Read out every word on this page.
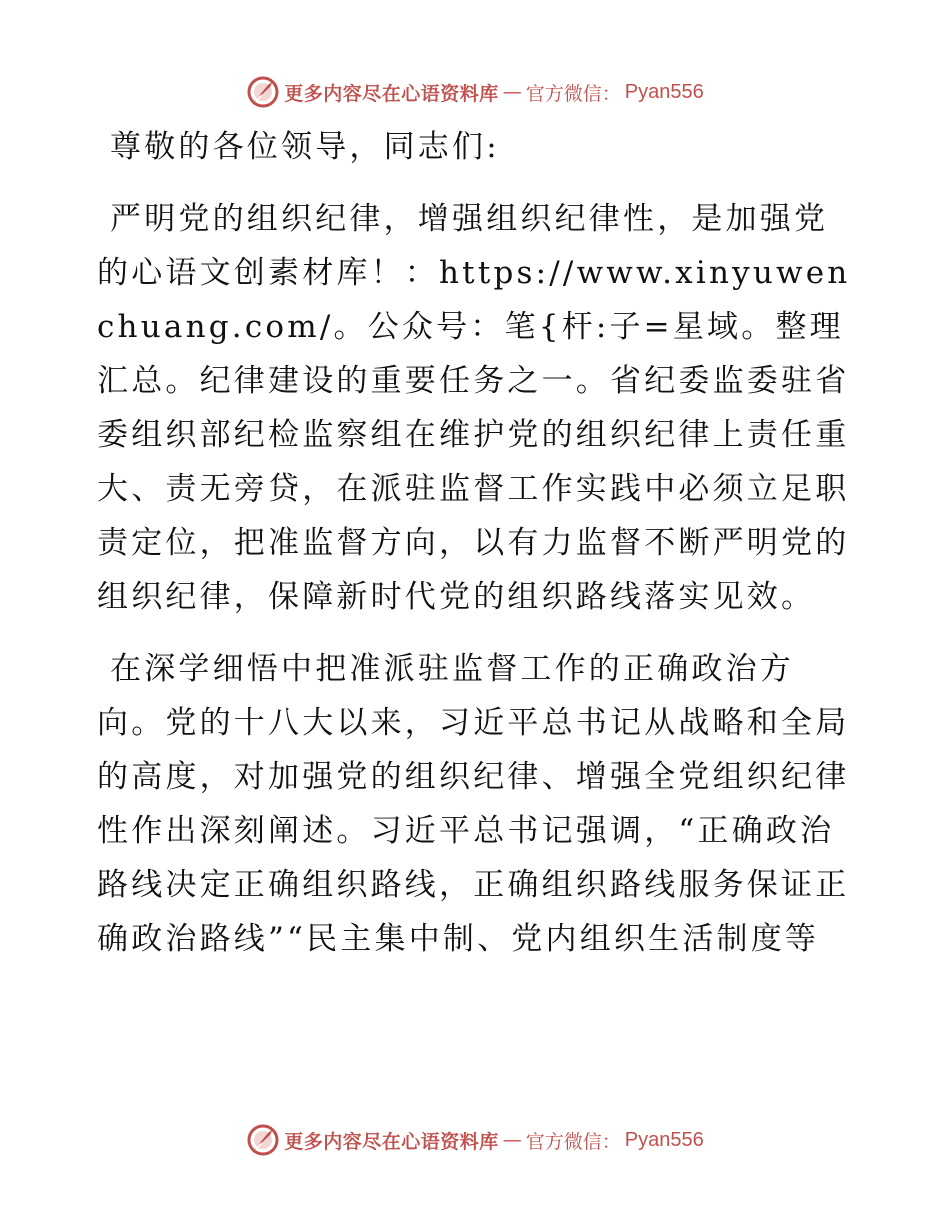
更多内容尽在心语资料库 — 官方微信： Pyan556

尊敬的各位领导，同志们:

严明党的组织纪律，增强组织纪律性，是加强党的心语文创素材库！：https://www.xinyuwenchuang.com/。公众号：笔{杆:子=星域。整理汇总。纪律建设的重要任务之一。省纪委监委驻省委组织部纪检监察组在维护党的组织纪律上责任重大、责无旁贷，在派驻监督工作实践中必须立足职责定位，把准监督方向，以有力监督不断严明党的组织纪律，保障新时代党的组织路线落实见效。

在深学细悟中把准派驻监督工作的正确政治方向。党的十八大以来，习近平总书记从战略和全局的高度，对加强党的组织纪律、增强全党组织纪律性作出深刻阐述。习近平总书记强调，“正确政治路线决定正确组织路线，正确组织路线服务保证正确政治路线”“民主集中制、党内组织生活制度等

更多内容尽在心语资料库 — 官方微信： Pyan556
